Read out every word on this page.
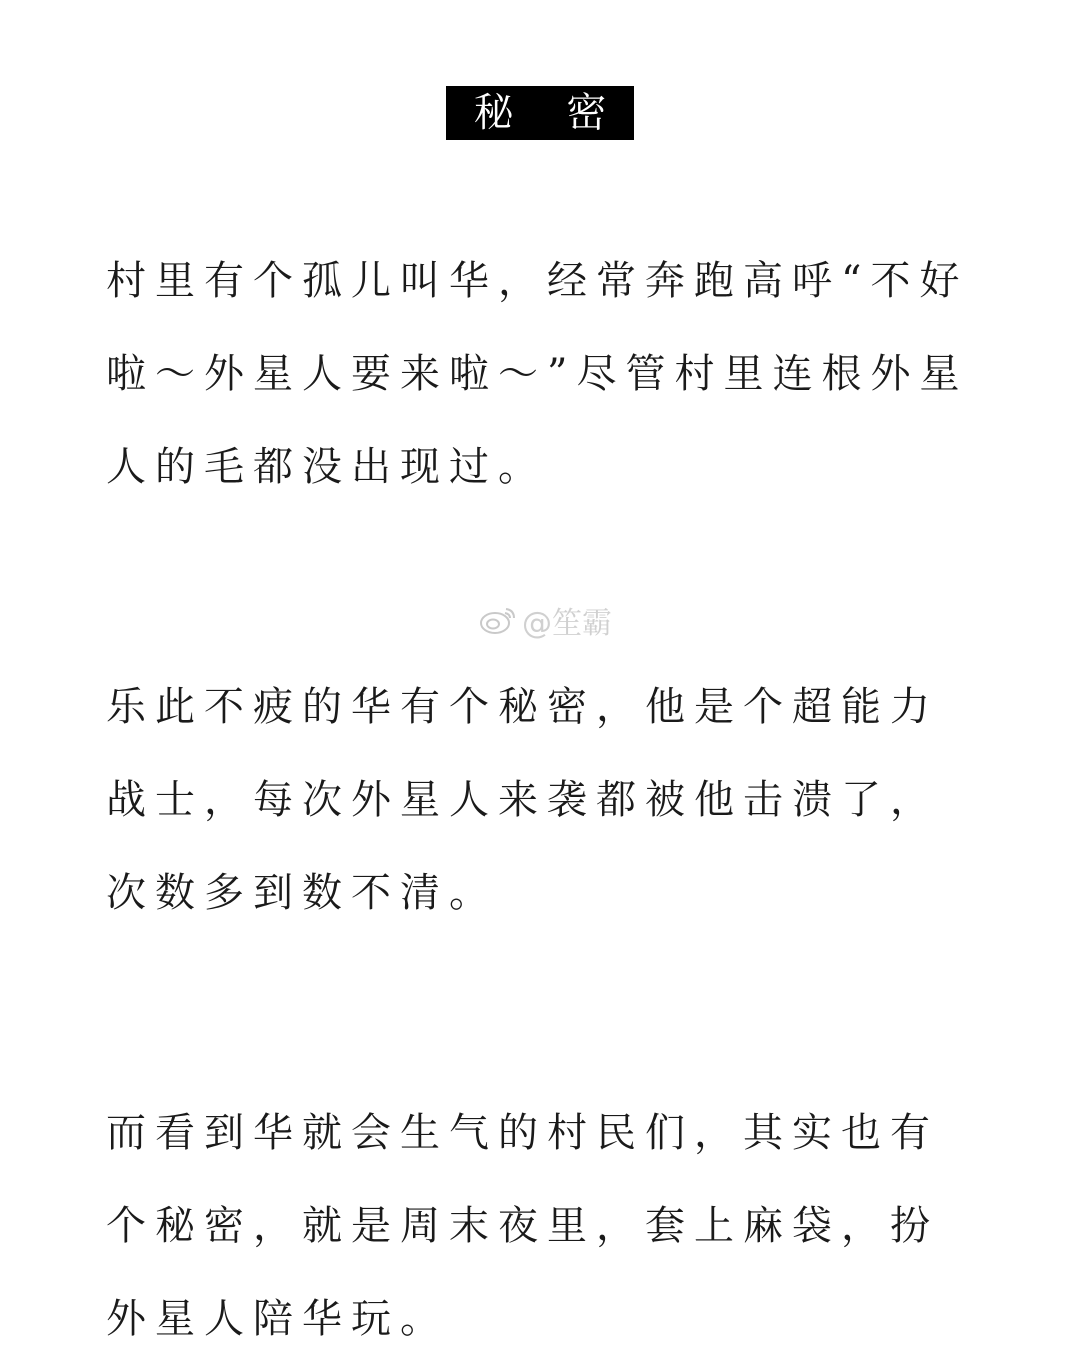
秘 密

村里有个孤儿叫华，经常奔跑高呼“不好啦～外星人要来啦～”尽管村里连根外星人的毛都没出现过。

乐此不疲的华有个秘密，他是个超能力战士，每次外星人来袭都被他击溃了，次数多到数不清。

而看到华就会生气的村民们，其实也有个秘密，就是周末夜里，套上麻袋，扮外星人陪华玩。

@笙霸
